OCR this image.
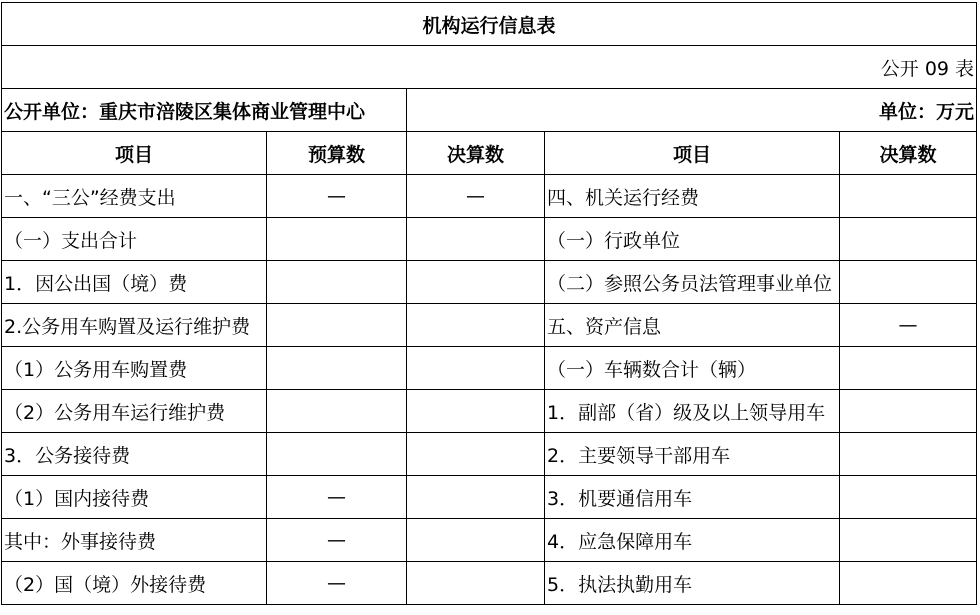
机构运行信息表				
公开 09 表				
公开单位：重庆市涪陵区集体商业管理中心		单位：万元		
项目	预算数	决算数	项目	决算数
一、“三公”经费支出	—	—	四、机关运行经费	
（一）支出合计			（一）行政单位	
1．因公出国（境）费			（二）参照公务员法管理事业单位	
2.公务用车购置及运行维护费			五、资产信息	—
（1）公务用车购置费			（一）车辆数合计（辆）	
（2）公务用车运行维护费			1．副部（省）级及以上领导用车	
3．公务接待费			2．主要领导干部用车	
（1）国内接待费	—		3．机要通信用车	
其中：外事接待费	—		4．应急保障用车	
（2）国（境）外接待费	—		5．执法执勤用车	
